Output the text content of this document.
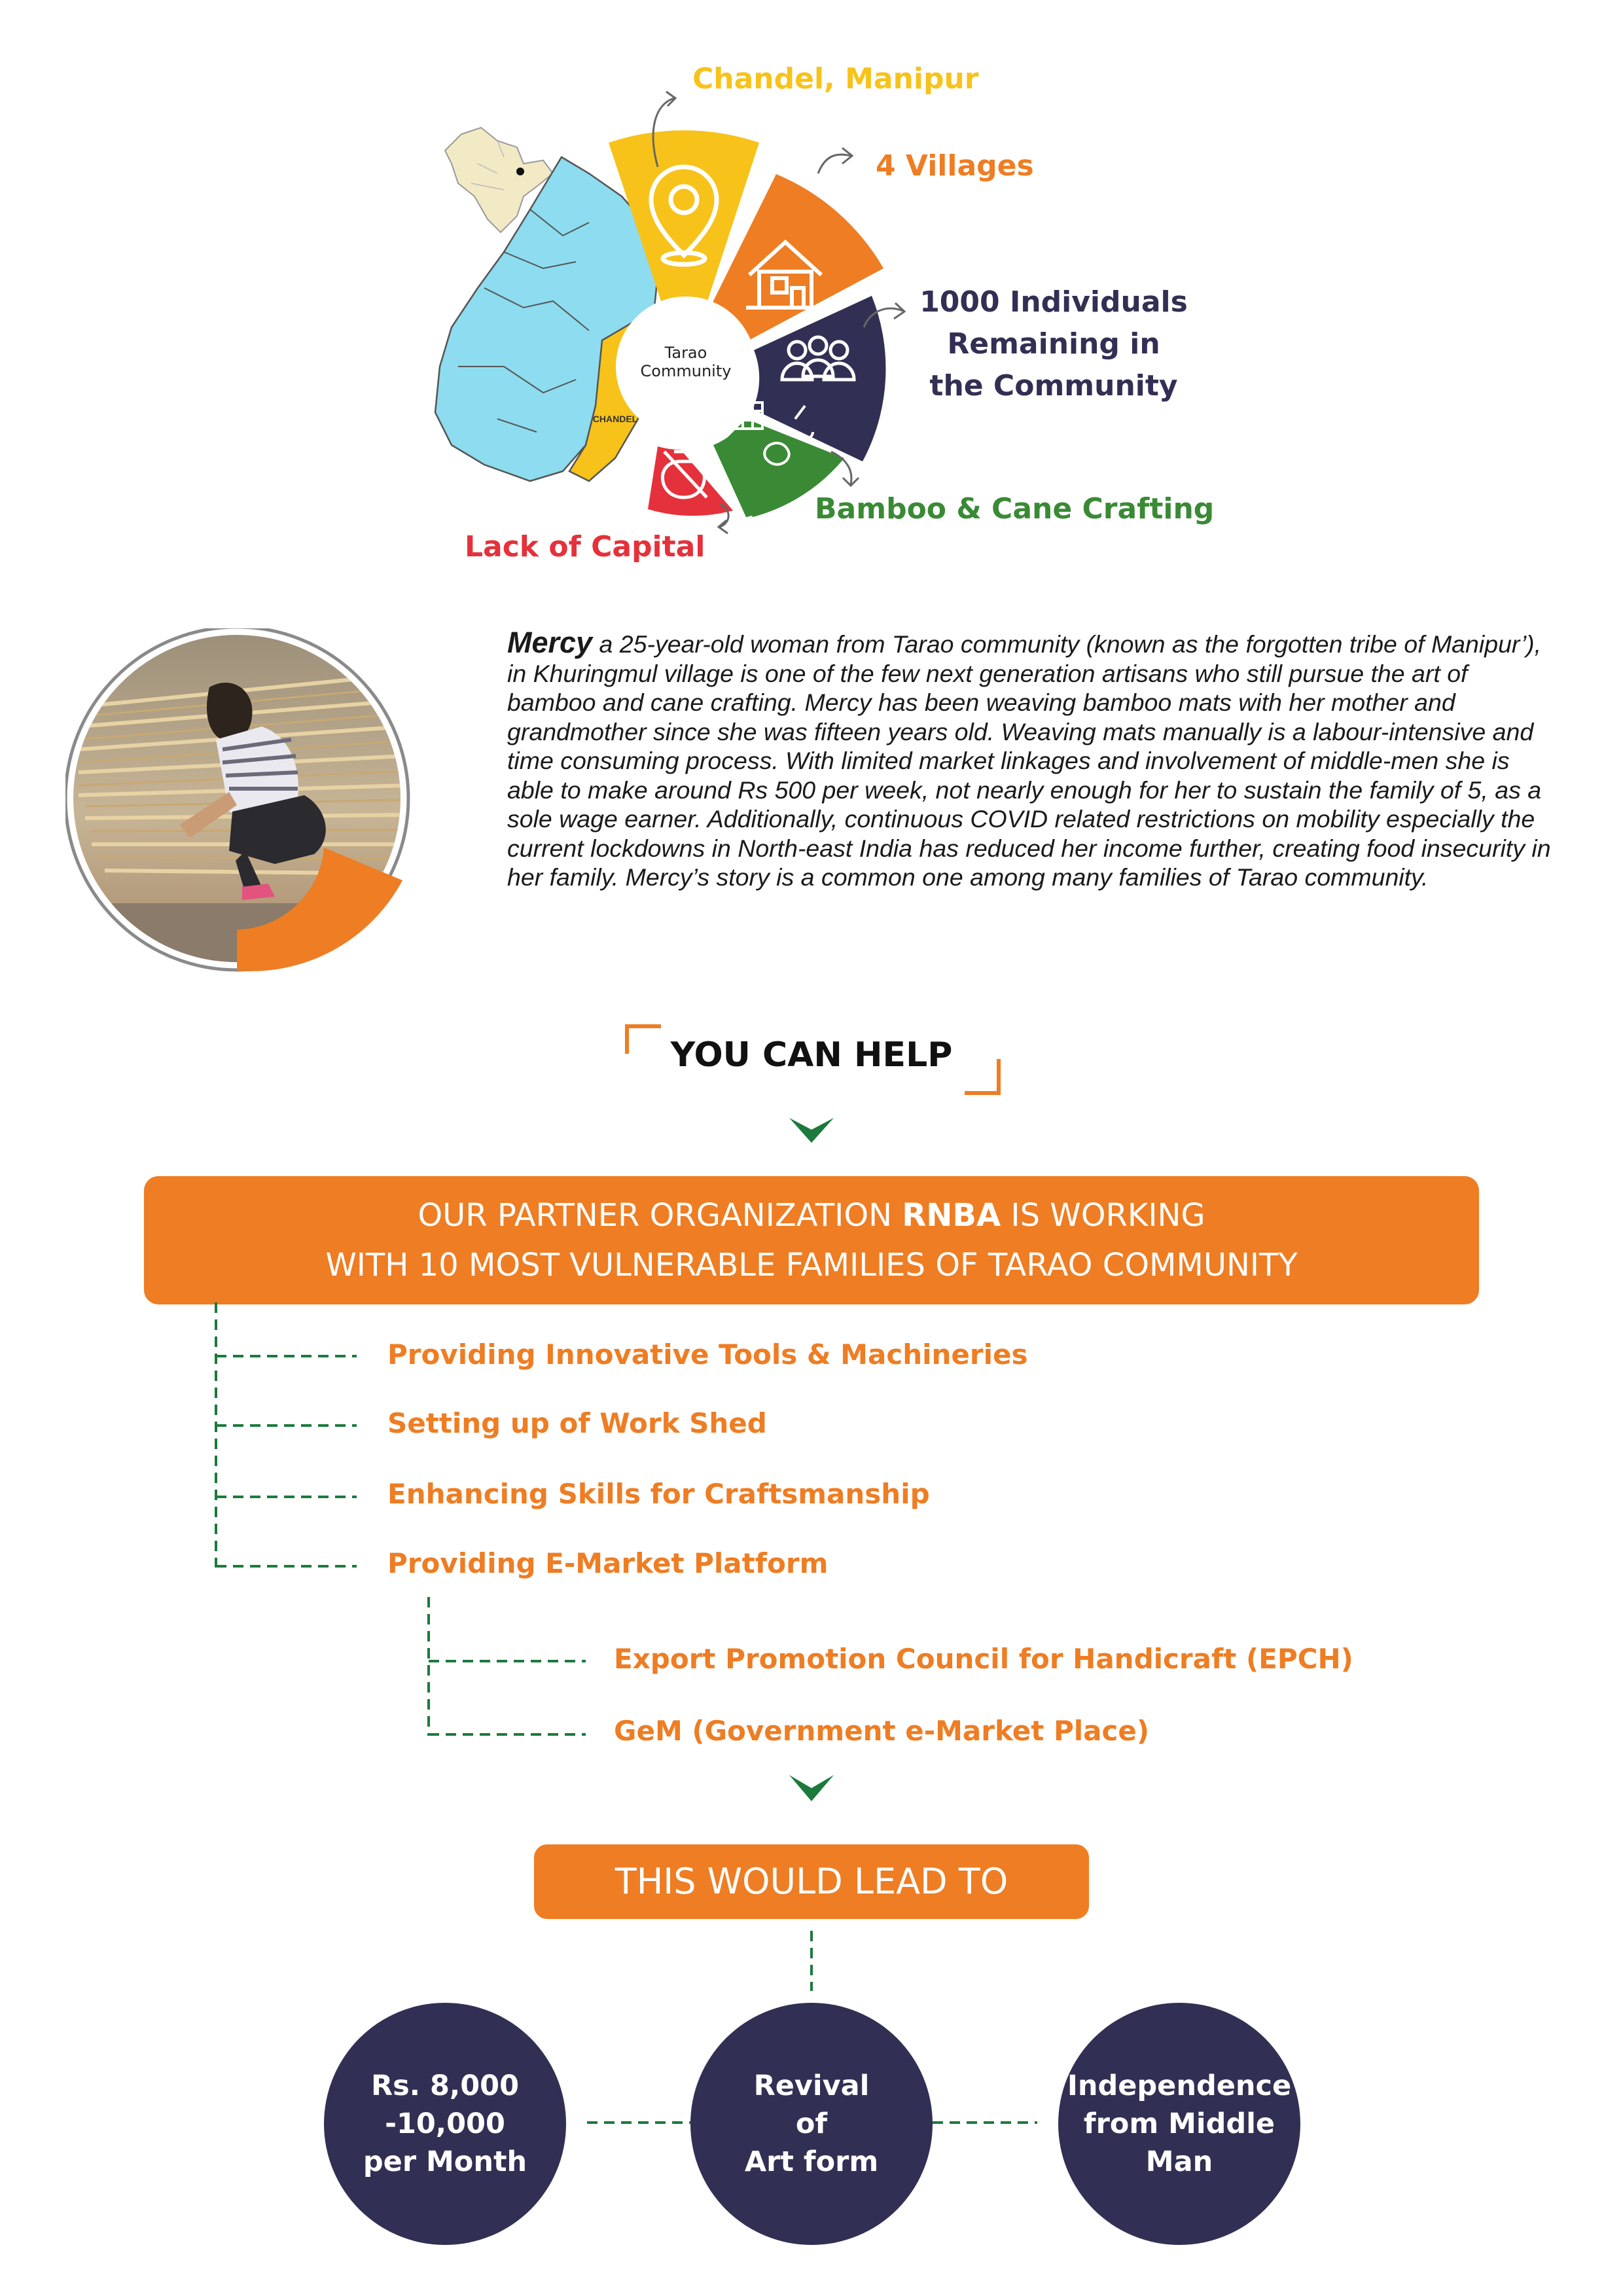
CHANDEL
Tarao Community
Chandel, Manipur
4 Villages
1000 Individuals
Remaining in
the Community
Bamboo & Cane Crafting
Lack of Capital
Mercy a 25-year-old woman from Tarao community (known as the forgotten tribe of Manipur’), in Khuringmul village is one of the few next generation artisans who still pursue the art of bamboo and cane crafting. Mercy has been weaving bamboo mats with her mother and grandmother since she was fifteen years old. Weaving mats manually is a labour-intensive and time consuming process. With limited market linkages and involvement of middle-men she is able to make around Rs 500 per week, not nearly enough for her to sustain the family of 5, as a sole wage earner. Additionally, continuous COVID related restrictions on mobility especially the current lockdowns in North-east India has reduced her income further, creating food insecurity in her family. Mercy’s story is a common one among many families of Tarao community.
YOU CAN HELP
OUR PARTNER ORGANIZATION RNBA IS WORKING
WITH 10 MOST VULNERABLE FAMILIES OF TARAO COMMUNITY
Providing Innovative Tools & Machineries
Setting up of Work Shed
Enhancing Skills for Craftsmanship
Providing E-Market Platform
Export Promotion Council for Handicraft (EPCH)
GeM (Government e-Market Place)
THIS WOULD LEAD TO
Rs. 8,000
-10,000
per Month
Revival
of
Art form
Independence
from Middle
Man
